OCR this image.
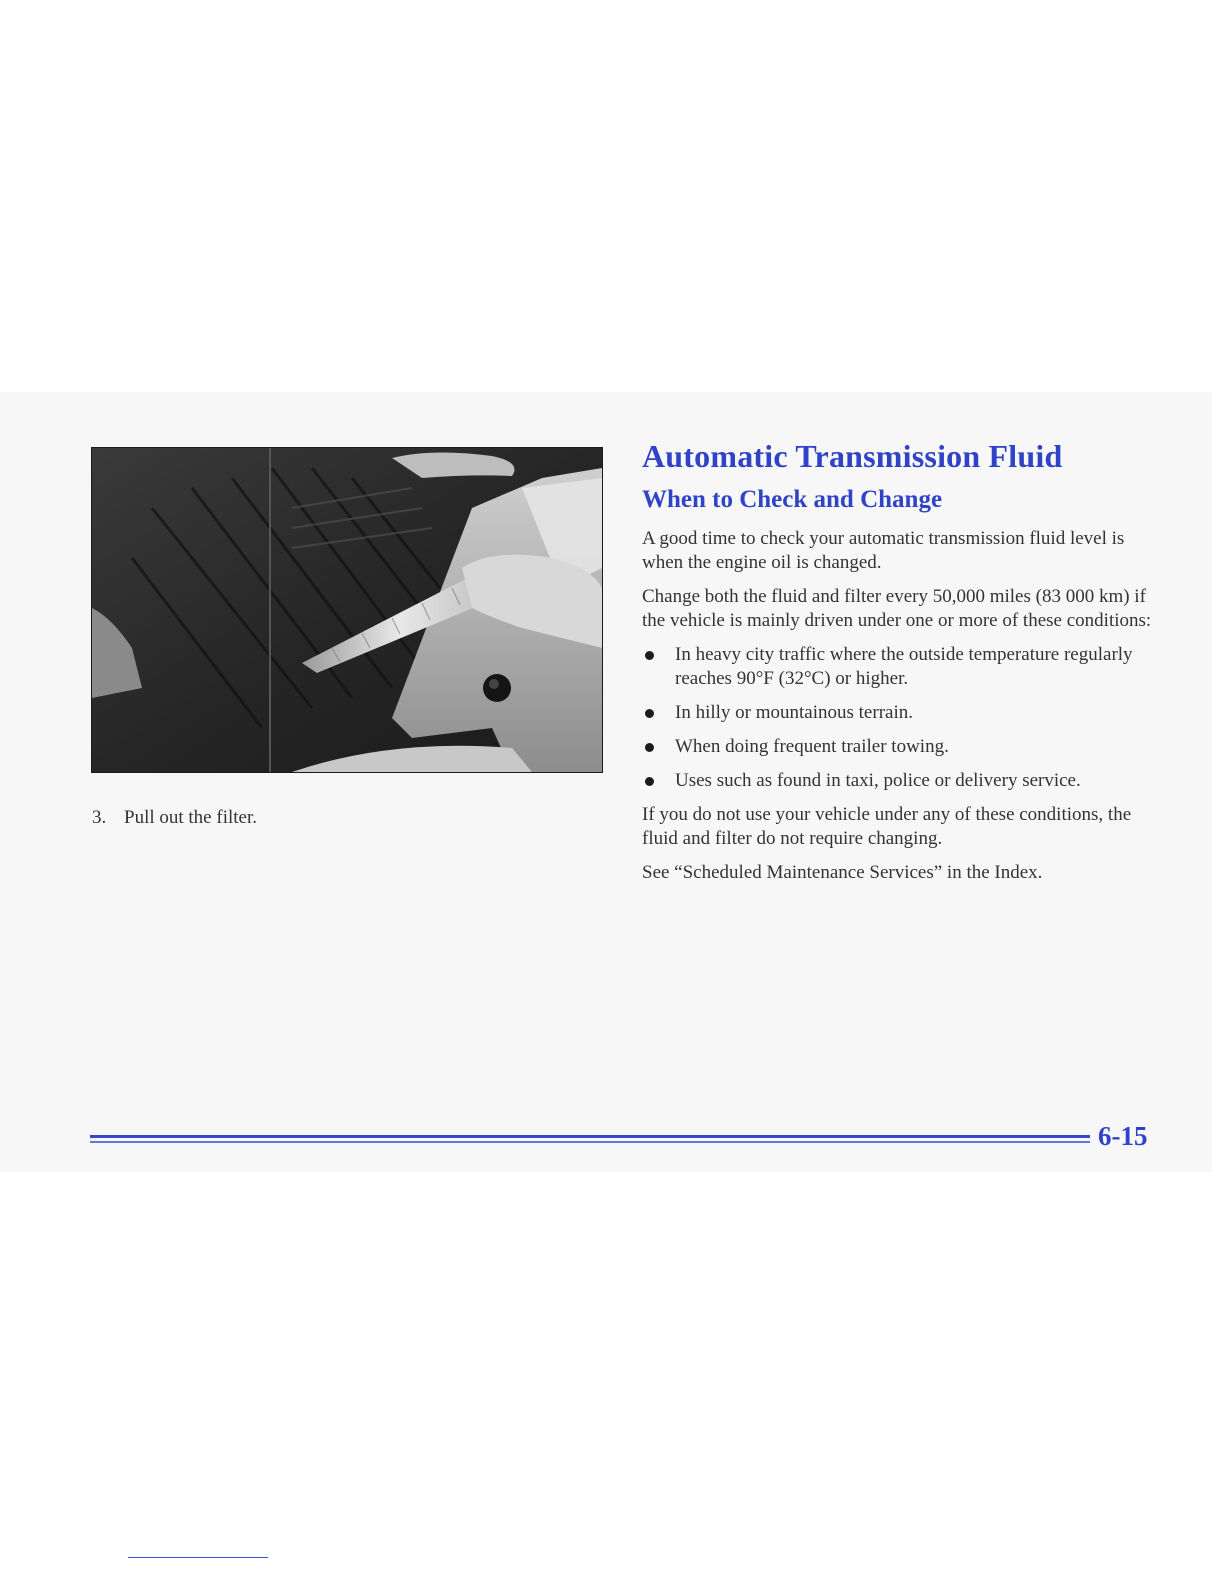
3. Pull out the filter.

Automatic Transmission Fluid
When to Check and Change

A good time to check your automatic transmission fluid level is when the engine oil is changed.

Change both the fluid and filter every 50,000 miles (83 000 km) if the vehicle is mainly driven under one or more of these conditions:

In heavy city traffic where the outside temperature regularly reaches 90°F (32°C) or higher.
In hilly or mountainous terrain.
When doing frequent trailer towing.
Uses such as found in taxi, police or delivery service.

If you do not use your vehicle under any of these conditions, the fluid and filter do not require changing.

See “Scheduled Maintenance Services” in the Index.

6-15
